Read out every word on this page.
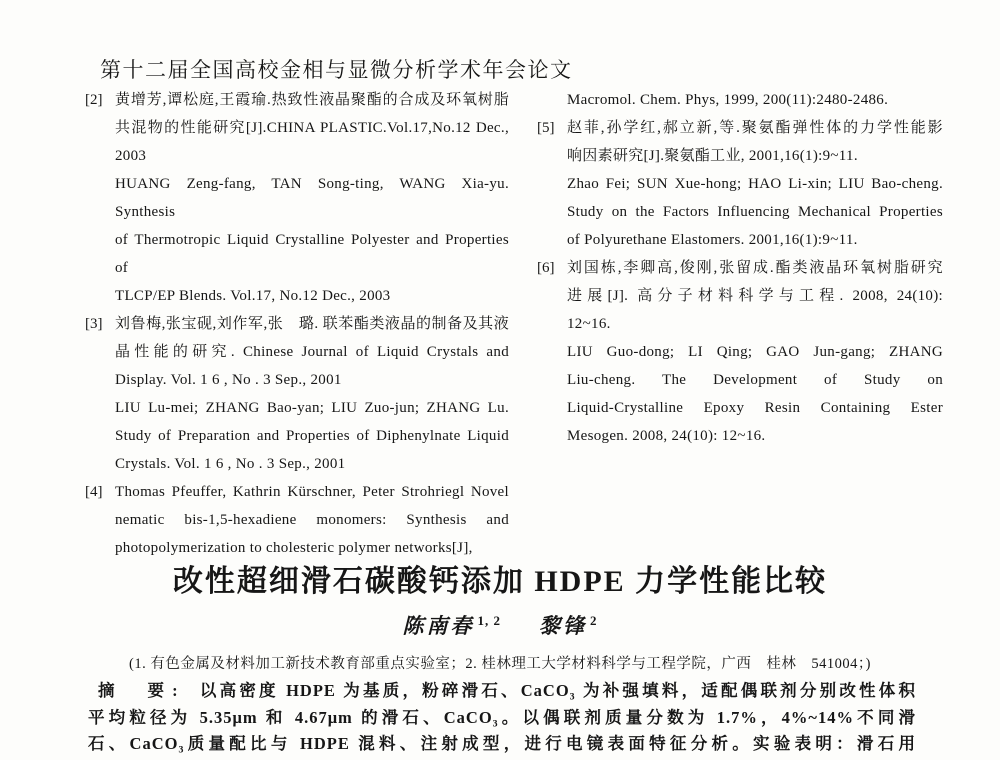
第十二届全国高校金相与显微分析学术年会论文
[2] 黄增芳,谭松庭,王霞瑜.热致性液晶聚酯的合成及环氧树脂
共混物的性能研究[J].CHINA PLASTIC.Vol.17,No.12 Dec.,
2003
HUANG Zeng-fang, TAN Song-ting, WANG Xia-yu. Synthesis
of Thermotropic Liquid Crystalline Polyester and Properties of
TLCP/EP Blends. Vol.17, No.12 Dec., 2003
[3] 刘鲁梅,张宝砚,刘作军,张　璐. 联苯酯类液晶的制备及其液
晶性能的研究. Chinese Journal of Liquid Crystals and
Display. Vol. 1 6 , No . 3 Sep., 2001
LIU Lu-mei; ZHANG Bao-yan; LIU Zuo-jun; ZHANG Lu.
Study of Preparation and Properties of Diphenylnate Liquid
Crystals. Vol. 1 6 , No . 3 Sep., 2001
[4] Thomas Pfeuffer, Kathrin Kürschner, Peter Strohriegl Novel
nematic bis-1,5-hexadiene monomers: Synthesis and
photopolymerization to cholesteric polymer networks[J],
Macromol. Chem. Phys, 1999, 200(11):2480-2486.
[5] 赵菲,孙学红,郝立新,等.聚氨酯弹性体的力学性能影
响因素研究[J].聚氨酯工业, 2001,16(1):9~11.
Zhao Fei; SUN Xue-hong; HAO Li-xin; LIU Bao-cheng.
Study on the Factors Influencing Mechanical Properties
of Polyurethane Elastomers. 2001,16(1):9~11.
[6] 刘国栋,李卿高,俊刚,张留成.酯类液晶环氧树脂研究
进展[J]. 高分子材料科学与工程. 2008, 24(10):
12~16.
LIU Guo-dong; LI Qing; GAO Jun-gang; ZHANG
Liu-cheng. The Development of Study on
Liquid-Crystalline Epoxy Resin Containing Ester
Mesogen. 2008, 24(10): 12~16.
改性超细滑石碳酸钙添加 HDPE 力学性能比较
陈南春 $^{1, 2}$ 黎锋 $^2$
(1. 有色金属及材料加工新技术教育部重点实验室；2. 桂林理工大学材料科学与工程学院，广西　桂林　541004；)
摘　要: 以高密度 HDPE 为基质，粉碎滑石、CaCO₃ 为补强填料，适配偶联剂分别改性体积
平均粒径为 5.35μm 和 4.67μm 的滑石、CaCO₃。以偶联剂质量分数为 1.7%，4%~14%不同滑
石、CaCO₃质量配比与 HDPE 混料、注射成型，进行电镜表面特征分析。实验表明：滑石用
